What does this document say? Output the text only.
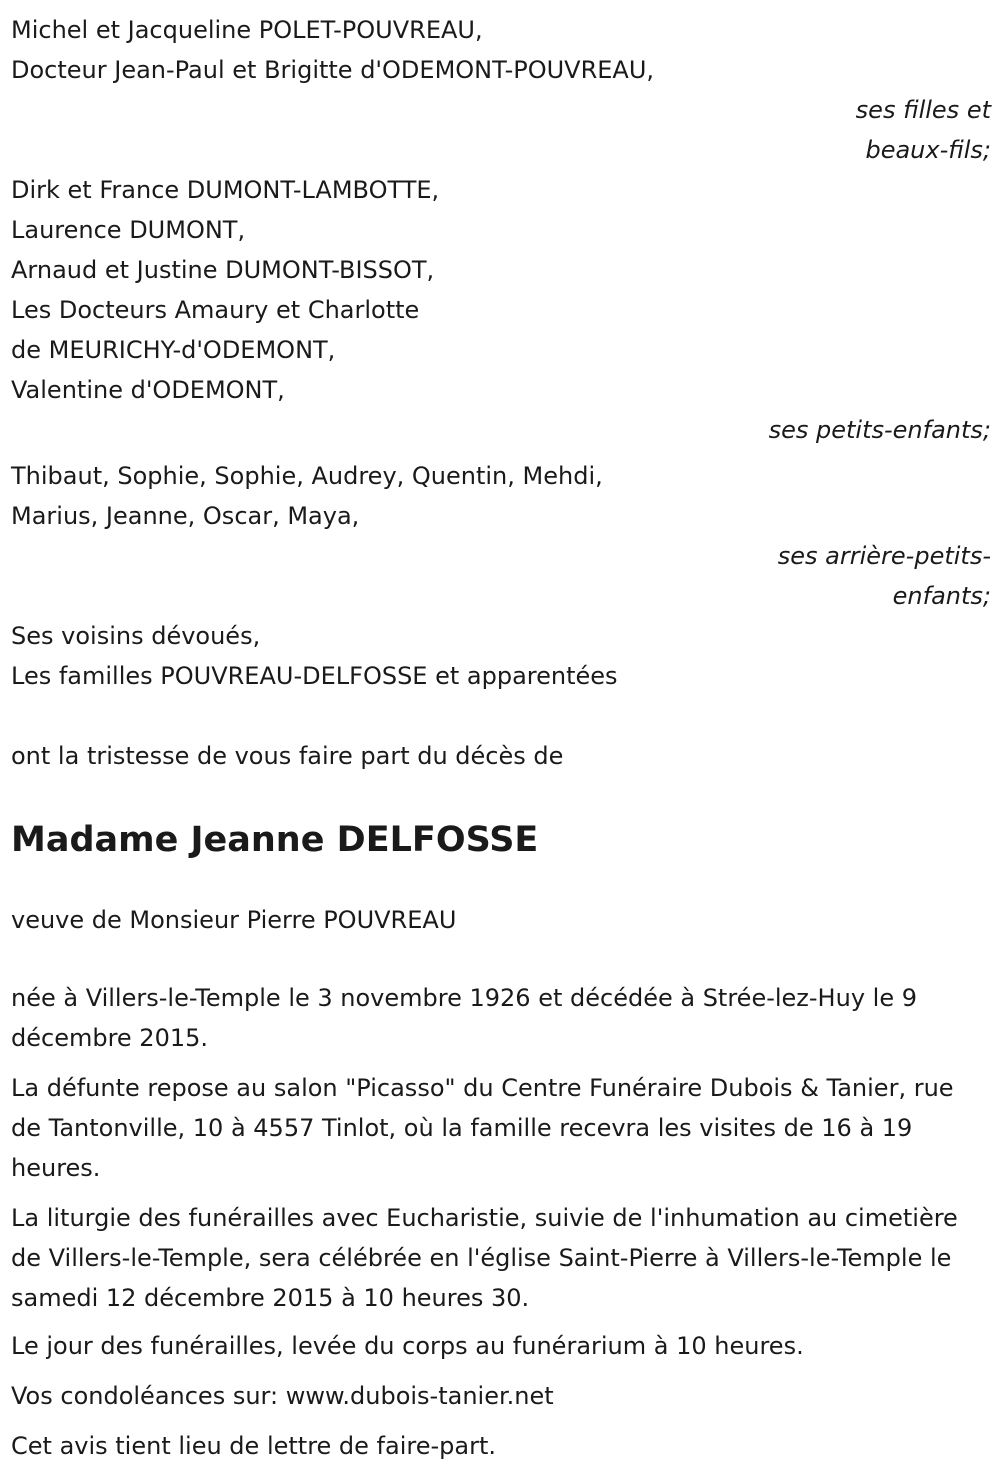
Michel et Jacqueline POLET-POUVREAU,
Docteur Jean-Paul et Brigitte d'ODEMONT-POUVREAU,
ses filles et
beaux-fils;
Dirk et France DUMONT-LAMBOTTE,
Laurence DUMONT,
Arnaud et Justine DUMONT-BISSOT,
Les Docteurs Amaury et Charlotte
de MEURICHY-d'ODEMONT,
Valentine d'ODEMONT,
ses petits-enfants;
Thibaut, Sophie, Sophie, Audrey, Quentin, Mehdi,
Marius, Jeanne, Oscar, Maya,
ses arrière-petits-
enfants;
Ses voisins dévoués,
Les familles POUVREAU-DELFOSSE et apparentées
ont la tristesse de vous faire part du décès de
Madame Jeanne DELFOSSE
veuve de Monsieur Pierre POUVREAU

née à Villers-le-Temple le 3 novembre 1926 et décédée à Strée-lez-Huy le 9 décembre 2015.

La défunte repose au salon "Picasso" du Centre Funéraire Dubois & Tanier, rue de Tantonville, 10 à 4557 Tinlot, où la famille recevra les visites de 16 à 19 heures.

La liturgie des funérailles avec Eucharistie, suivie de l'inhumation au cimetière de Villers-le-Temple, sera célébrée en l'église Saint-Pierre à Villers-le-Temple le samedi 12 décembre 2015 à 10 heures 30.

Le jour des funérailles, levée du corps au funérarium à 10 heures.

Vos condoléances sur: www.dubois-tanier.net

Cet avis tient lieu de lettre de faire-part.
